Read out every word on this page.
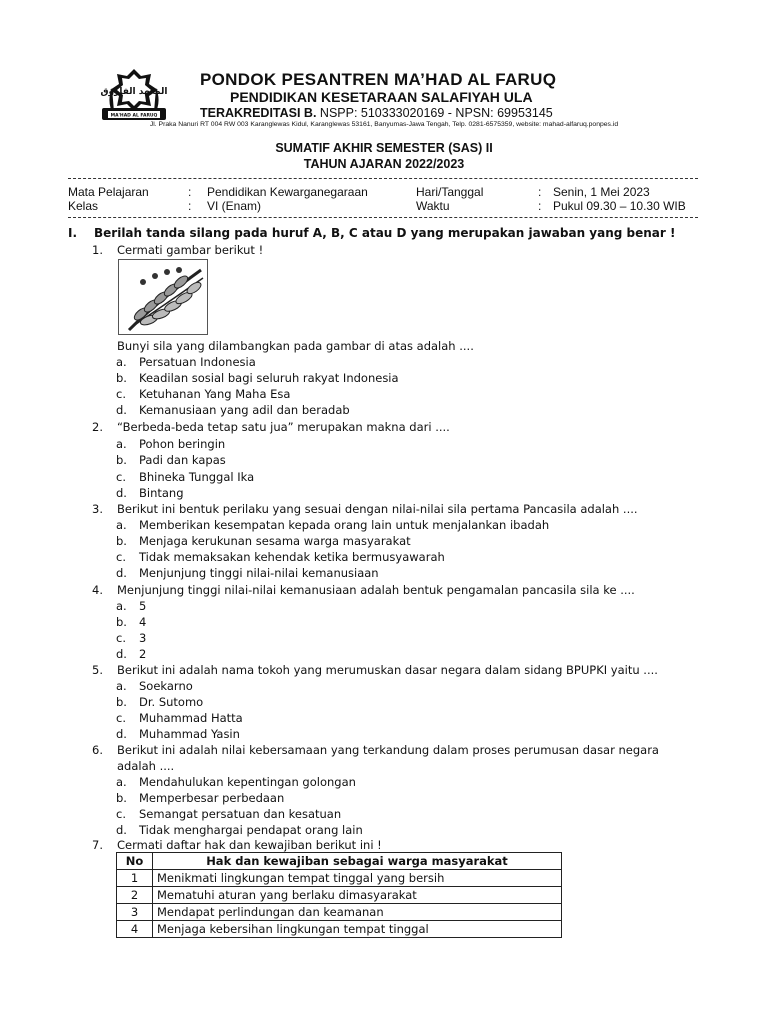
المعهد الفاروق
MA'HAD AL FARUQ
PURWOKERTO
PONDOK PESANTREN MA’HAD AL FARUQ
PENDIDIKAN KESETARAAN SALAFIYAH ULA
TERAKREDITASI B. NSPP: 510333020169 - NPSN: 69953145
Jl. Praka Nanuri RT 004 RW 003 Karanglewas Kidul, Karanglewas 53161, Banyumas-Jawa Tengah, Telp. 0281-6575359, website: mahad-alfaruq.ponpes.id
SUMATIF AKHIR SEMESTER (SAS) II
TAHUN AJARAN 2022/2023
Mata Pelajaran	: Pendidikan Kewarganegaraan	Hari/Tanggal	: Senin, 1 Mei 2023
Kelas	: VI (Enam)	Waktu	: Pukul 09.30 – 10.30 WIB
I. Berilah tanda silang pada huruf A, B, C atau D yang merupakan jawaban yang benar !
1. Cermati gambar berikut !
Bunyi sila yang dilambangkan pada gambar di atas adalah ....
a. Persatuan Indonesia
b. Keadilan sosial bagi seluruh rakyat Indonesia
c. Ketuhanan Yang Maha Esa
d. Kemanusiaan yang adil dan beradab
2. “Berbeda-beda tetap satu jua” merupakan makna dari ....
a. Pohon beringin
b. Padi dan kapas
c. Bhineka Tunggal Ika
d. Bintang
3. Berikut ini bentuk perilaku yang sesuai dengan nilai-nilai sila pertama Pancasila adalah ....
a. Memberikan kesempatan kepada orang lain untuk menjalankan ibadah
b. Menjaga kerukunan sesama warga masyarakat
c. Tidak memaksakan kehendak ketika bermusyawarah
d. Menjunjung tinggi nilai-nilai kemanusiaan
4. Menjunjung tinggi nilai-nilai kemanusiaan adalah bentuk pengamalan pancasila sila ke ....
a. 5
b. 4
c. 3
d. 2
5. Berikut ini adalah nama tokoh yang merumuskan dasar negara dalam sidang BPUPKI yaitu ....
a. Soekarno
b. Dr. Sutomo
c. Muhammad Hatta
d. Muhammad Yasin
6. Berikut ini adalah nilai kebersamaan yang terkandung dalam proses perumusan dasar negara
adalah ....
a. Mendahulukan kepentingan golongan
b. Memperbesar perbedaan
c. Semangat persatuan dan kesatuan
d. Tidak menghargai pendapat orang lain
7. Cermati daftar hak dan kewajiban berikut ini !
No	Hak dan kewajiban sebagai warga masyarakat
1	Menikmati lingkungan tempat tinggal yang bersih
2	Mematuhi aturan yang berlaku dimasyarakat
3	Mendapat perlindungan dan keamanan
4	Menjaga kebersihan lingkungan tempat tinggal
